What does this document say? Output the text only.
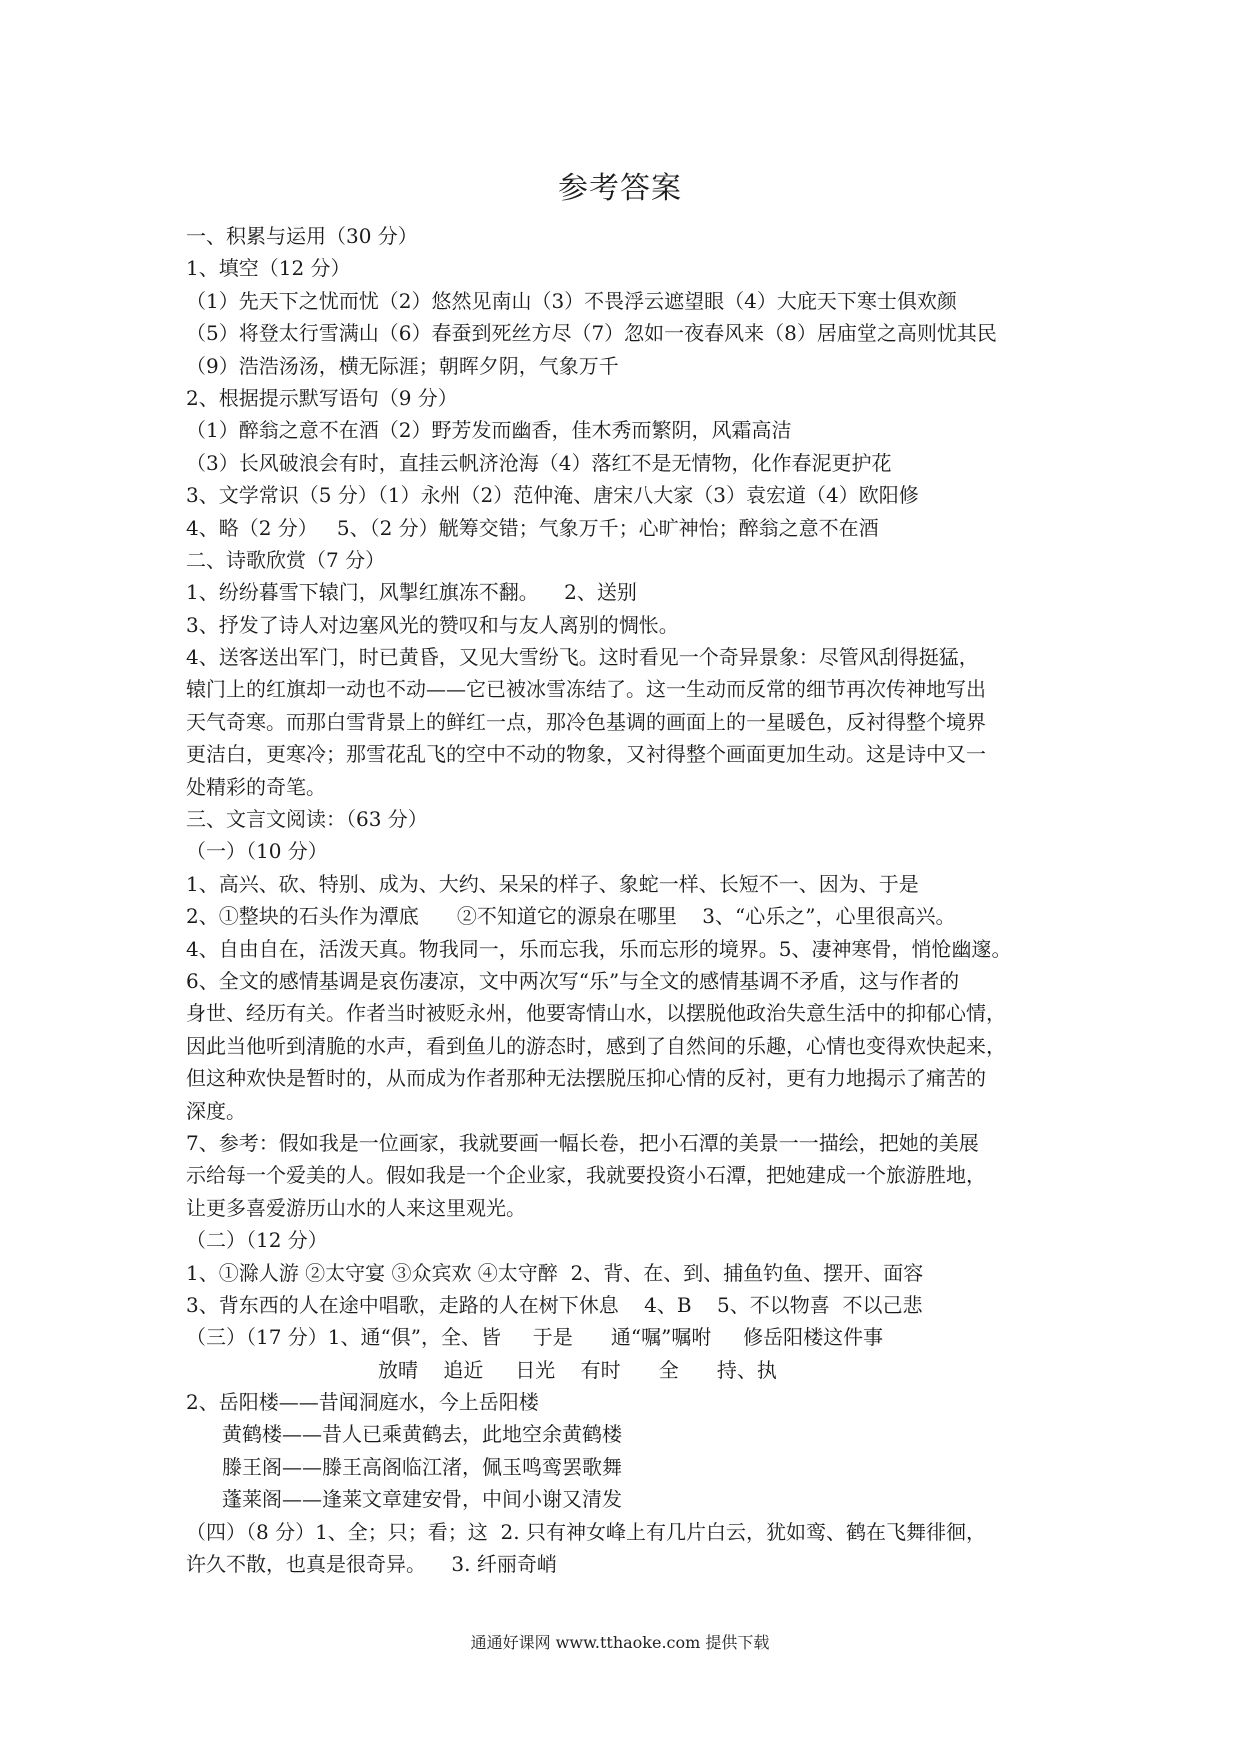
参考答案
一、积累与运用（30 分）
1、填空（12 分）
（1）先天下之忧而忧（2）悠然见南山（3）不畏浮云遮望眼（4）大庇天下寒士俱欢颜
（5）将登太行雪满山（6）春蚕到死丝方尽（7）忽如一夜春风来（8）居庙堂之高则忧其民
（9）浩浩汤汤，横无际涯；朝晖夕阴，气象万千
2、根据提示默写语句（9 分）
（1）醉翁之意不在酒（2）野芳发而幽香，佳木秀而繁阴，风霜高洁
（3）长风破浪会有时，直挂云帆济沧海（4）落红不是无情物，化作春泥更护花
3、文学常识（5 分）（1）永州（2）范仲淹、唐宋八大家（3）袁宏道（4）欧阳修
4、略（2 分）   5、（2 分）觥筹交错；气象万千；心旷神怡；醉翁之意不在酒
二、诗歌欣赏（7 分）
1、纷纷暮雪下辕门，风掣红旗冻不翻。    2、送别
3、抒发了诗人对边塞风光的赞叹和与友人离别的惆怅。
4、送客送出军门，时已黄昏，又见大雪纷飞。这时看见一个奇异景象：尽管风刮得挺猛，
辕门上的红旗却一动也不动——它已被冰雪冻结了。这一生动而反常的细节再次传神地写出
天气奇寒。而那白雪背景上的鲜红一点，那冷色基调的画面上的一星暖色，反衬得整个境界
更洁白，更寒冷；那雪花乱飞的空中不动的物象，又衬得整个画面更加生动。这是诗中又一
处精彩的奇笔。
三、文言文阅读：（63 分）
（一）（10 分）
1、高兴、砍、特别、成为、大约、呆呆的样子、象蛇一样、长短不一、因为、于是
2、①整块的石头作为潭底      ②不知道它的源泉在哪里    3、“心乐之”，心里很高兴。
4、自由自在，活泼天真。物我同一，乐而忘我，乐而忘形的境界。5、凄神寒骨，悄怆幽邃。
6、全文的感情基调是哀伤凄凉，文中两次写“乐”与全文的感情基调不矛盾，这与作者的
身世、经历有关。作者当时被贬永州，他要寄情山水，以摆脱他政治失意生活中的抑郁心情，
因此当他听到清脆的水声，看到鱼儿的游态时，感到了自然间的乐趣，心情也变得欢快起来，
但这种欢快是暂时的，从而成为作者那种无法摆脱压抑心情的反衬，更有力地揭示了痛苦的
深度。
7、参考：假如我是一位画家，我就要画一幅长卷，把小石潭的美景一一描绘，把她的美展
示给每一个爱美的人。假如我是一个企业家，我就要投资小石潭，把她建成一个旅游胜地，
让更多喜爱游历山水的人来这里观光。
（二）（12 分）
1、①滁人游 ②太守宴 ③众宾欢 ④太守醉  2、背、在、到、捕鱼钓鱼、摆开、面容
3、背东西的人在途中唱歌，走路的人在树下休息    4、B    5、不以物喜  不以己悲
（三）（17 分）1、通“俱”，全、皆     于是      通“嘱”嘱咐     修岳阳楼这件事
放晴    追近     日光    有时      全      持、执
2、岳阳楼——昔闻洞庭水，今上岳阳楼
黄鹤楼——昔人已乘黄鹤去，此地空余黄鹤楼
滕王阁——滕王高阁临江渚，佩玉鸣鸾罢歌舞
蓬莱阁——逢莱文章建安骨，中间小谢又清发
（四）（8 分）1、全；只；看；这  2. 只有神女峰上有几片白云，犹如鸾、鹤在飞舞徘徊，
许久不散，也真是很奇异。    3. 纤丽奇峭
通通好课网 www.tthaoke.com 提供下载
